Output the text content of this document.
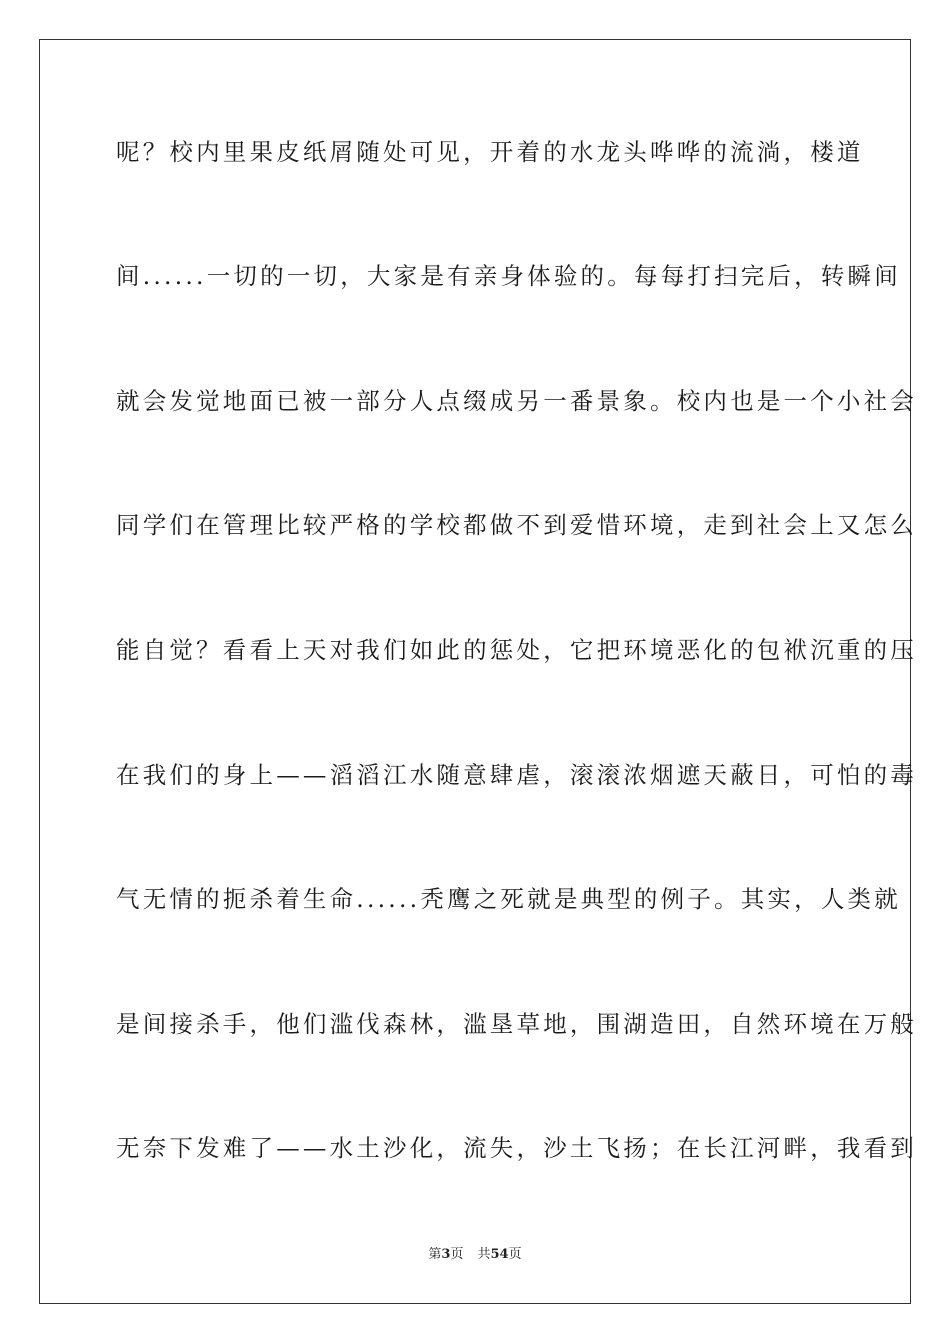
呢？校内里果皮纸屑随处可见，开着的水龙头哗哗的流淌，楼道
间......一切的一切，大家是有亲身体验的。每每打扫完后，转瞬间
就会发觉地面已被一部分人点缀成另一番景象。校内也是一个小社会
同学们在管理比较严格的学校都做不到爱惜环境，走到社会上又怎么
能自觉？看看上天对我们如此的惩处，它把环境恶化的包袱沉重的压
在我们的身上——滔滔江水随意肆虐，滚滚浓烟遮天蔽日，可怕的毒
气无情的扼杀着生命......秃鹰之死就是典型的例子。其实，人类就
是间接杀手，他们滥伐森林，滥垦草地，围湖造田，自然环境在万般
无奈下发难了——水土沙化，流失，沙土飞扬；在长江河畔，我看到
第3页 共54页
